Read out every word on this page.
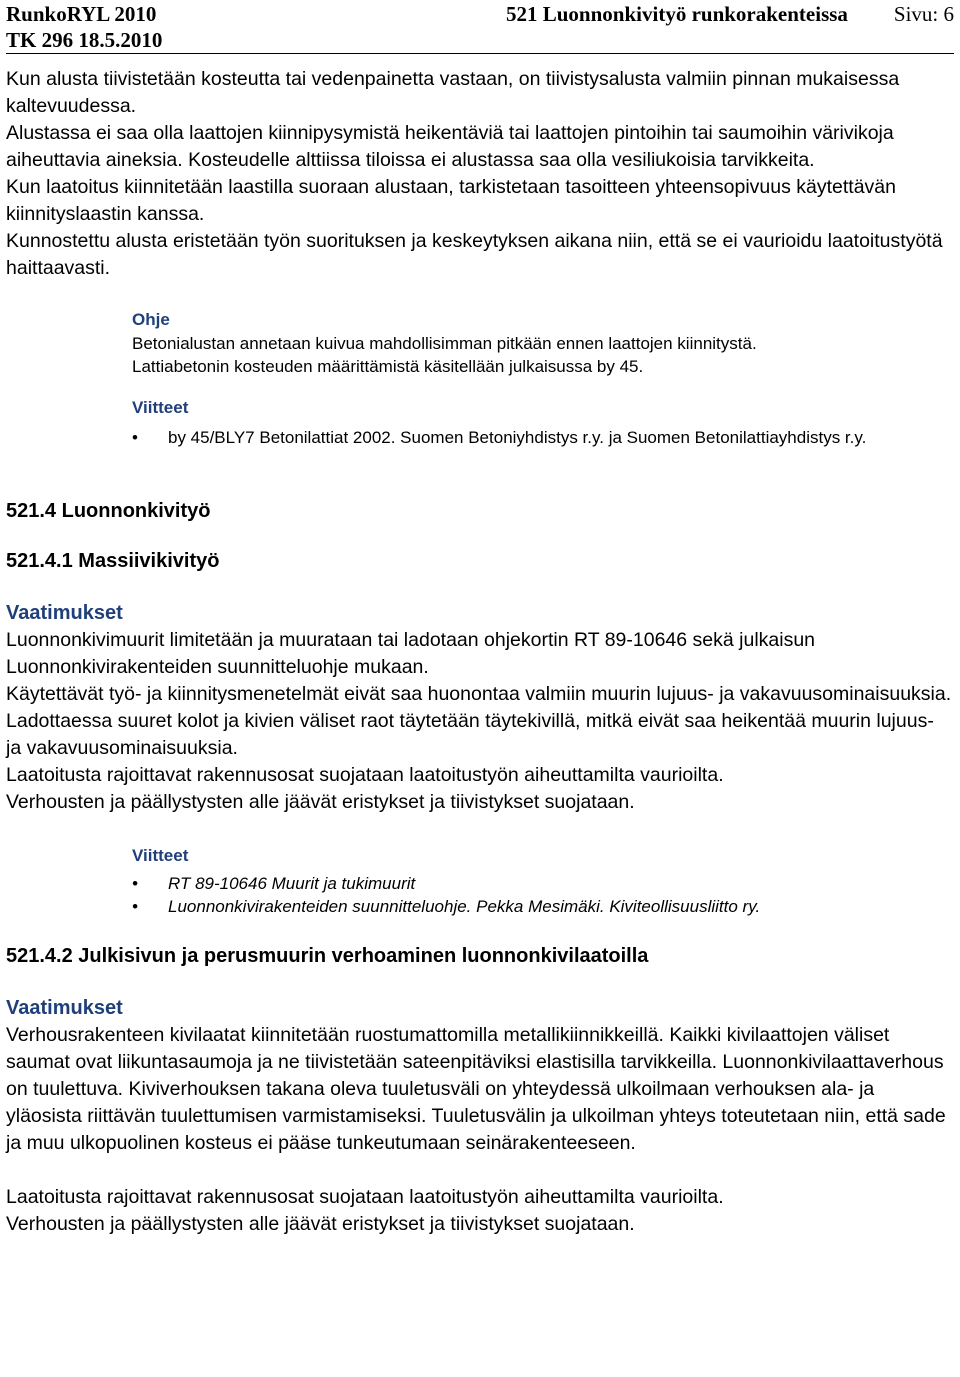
RunkoRYL 2010
TK 296 18.5.2010
521 Luonnonkivityö runkorakenteissa Sivu: 6

Kun alusta tiivistetään kosteutta tai vedenpainetta vastaan, on tiivistysalusta valmiin pinnan mukaisessa kaltevuudessa.

Alustassa ei saa olla laattojen kiinnipysymistä heikentäviä tai laattojen pintoihin tai saumoihin värivikoja aiheuttavia aineksia. Kosteudelle alttiissa tiloissa ei alustassa saa olla vesiliukoisia tarvikkeita.

Kun laatoitus kiinnitetään laastilla suoraan alustaan, tarkistetaan tasoitteen yhteensopivuus käytettävän kiinnityslaastin kanssa.

Kunnostettu alusta eristetään työn suorituksen ja keskeytyksen aikana niin, että se ei vaurioidu laatoitustyötä haittaavasti.

Ohje

Betonialustan annetaan kuivua mahdollisimman pitkään ennen laattojen kiinnitystä.

Lattiabetonin kosteuden määrittämistä käsitellään julkaisussa by 45.

Viitteet

• by 45/BLY7 Betonilattiat 2002. Suomen Betoniyhdistys r.y. ja Suomen Betonilattiayhdistys r.y.

521.4 Luonnonkivityö

521.4.1 Massiivikivityö

Vaatimukset

Luonnonkivimuurit limitetään ja muurataan tai ladotaan ohjekortin RT 89-10646 sekä julkaisun Luonnonkivirakenteiden suunnitteluohje mukaan.

Käytettävät työ- ja kiinnitysmenetelmät eivät saa huonontaa valmiin muurin lujuus- ja vakavuusominaisuuksia.

Ladottaessa suuret kolot ja kivien väliset raot täytetään täytekivillä, mitkä eivät saa heikentää muurin lujuus- ja vakavuusominaisuuksia.

Laatoitusta rajoittavat rakennusosat suojataan laatoitustyön aiheuttamilta vaurioilta.

Verhousten ja päällystysten alle jäävät eristykset ja tiivistykset suojataan.

Viitteet

• RT 89-10646 Muurit ja tukimuurit
• Luonnonkivirakenteiden suunnitteluohje. Pekka Mesimäki. Kiviteollisuusliitto ry.

521.4.2 Julkisivun ja perusmuurin verhoaminen luonnonkivilaatoilla

Vaatimukset

Verhousrakenteen kivilaatat kiinnitetään ruostumattomilla metallikiinnikkeillä. Kaikki kivilaattojen väliset saumat ovat liikuntasaumoja ja ne tiivistetään sateenpitäviksi elastisilla tarvikkeilla. Luonnonkivilaattaverhous on tuulettuva. Kiviverhouksen takana oleva tuuletusväli on yhteydessä ulkoilmaan verhouksen ala- ja yläosista riittävän tuulettumisen varmistamiseksi. Tuuletusvälin ja ulkoilman yhteys toteutetaan niin, että sade ja muu ulkopuolinen kosteus ei pääse tunkeutumaan seinärakenteeseen.

Laatoitusta rajoittavat rakennusosat suojataan laatoitustyön aiheuttamilta vaurioilta.

Verhousten ja päällystysten alle jäävät eristykset ja tiivistykset suojataan.
